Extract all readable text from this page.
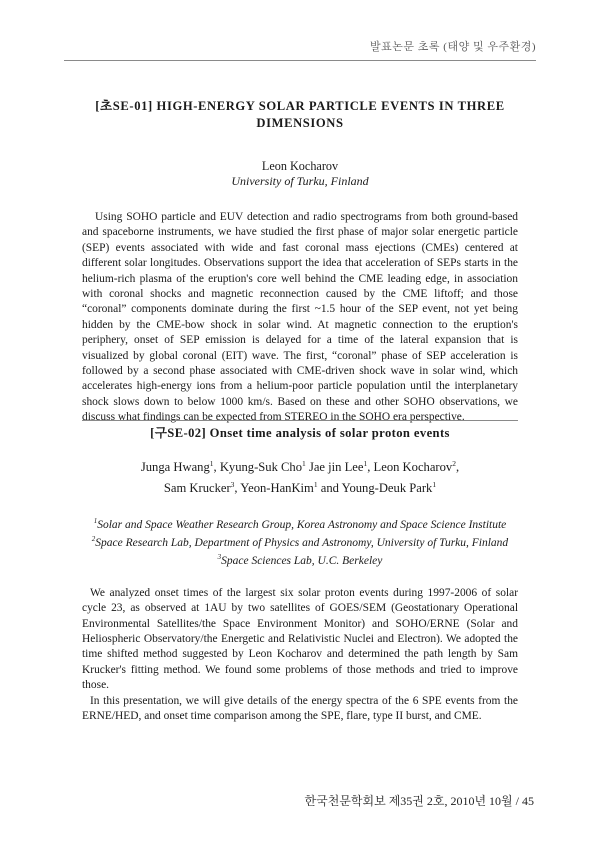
발표논문 초록 (태양 및 우주환경)
[초SE-01] HIGH-ENERGY SOLAR PARTICLE EVENTS IN THREE DIMENSIONS
Leon Kocharov
University of Turku, Finland
Using SOHO particle and EUV detection and radio spectrograms from both ground-based and spaceborne instruments, we have studied the first phase of major solar energetic particle (SEP) events associated with wide and fast coronal mass ejections (CMEs) centered at different solar longitudes. Observations support the idea that acceleration of SEPs starts in the helium-rich plasma of the eruption's core well behind the CME leading edge, in association with coronal shocks and magnetic reconnection caused by the CME liftoff; and those “coronal” components dominate during the first ~1.5 hour of the SEP event, not yet being hidden by the CME-bow shock in solar wind. At magnetic connection to the eruption's periphery, onset of SEP emission is delayed for a time of the lateral expansion that is visualized by global coronal (EIT) wave. The first, “coronal” phase of SEP acceleration is followed by a second phase associated with CME-driven shock wave in solar wind, which accelerates high-energy ions from a helium-poor particle population until the interplanetary shock slows down to below 1000 km/s. Based on these and other SOHO observations, we discuss what findings can be expected from STEREO in the SOHO era perspective.
[구SE-02] Onset time analysis of solar proton events
Junga Hwang$^1$, Kyung-Suk Cho$^1$ Jae jin Lee$^1$, Leon Kocharov$^2$,
Sam Krucker$^3$, Yeon-HanKim$^1$ and Young-Deuk Park$^1$
$^1$Solar and Space Weather Research Group, Korea Astronomy and Space Science Institute
$^2$Space Research Lab, Department of Physics and Astronomy, University of Turku, Finland
$^3$Space Sciences Lab, U.C. Berkeley

We analyzed onset times of the largest six solar proton events during 1997-2006 of solar cycle 23, as observed at 1AU by two satellites of GOES/SEM (Geostationary Operational Environmental Satellites/the Space Environment Monitor) and SOHO/ERNE (Solar and Heliospheric Observatory/the Energetic and Relativistic Nuclei and Electron). We adopted the time shifted method suggested by Leon Kocharov and determined the path length by Sam Krucker's fitting method. We found some problems of those methods and tried to improve those.

In this presentation, we will give details of the energy spectra of the 6 SPE events from the ERNE/HED, and onset time comparison among the SPE, flare, type II burst, and CME.

한국천문학회보 제35권 2호, 2010년 10월 / 45
